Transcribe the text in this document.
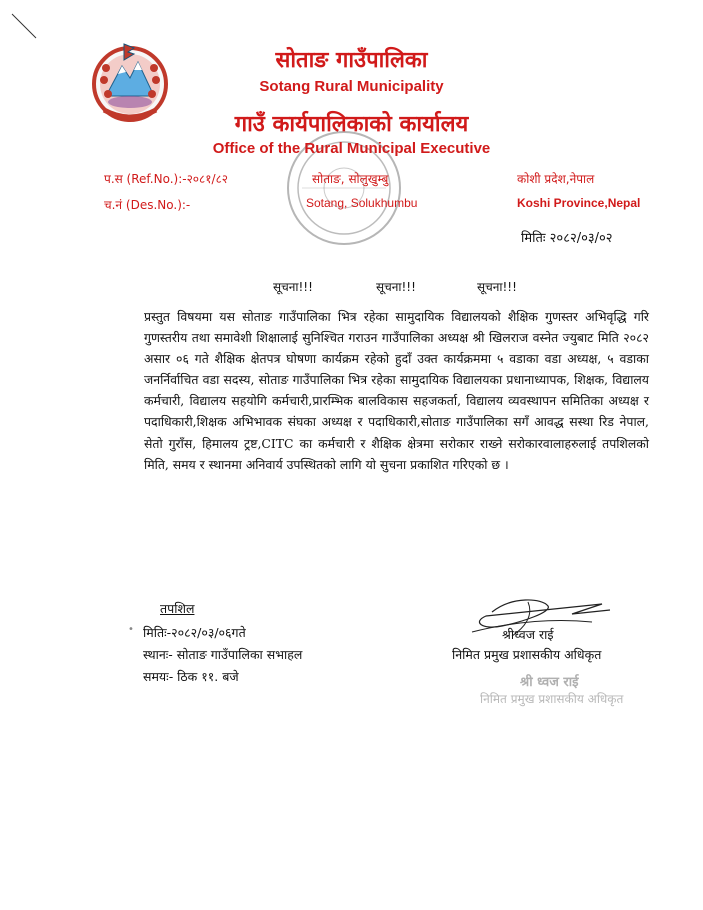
सोताङ गाउँपालिका
Sotang Rural Municipality
गाउँ कार्यपालिकाको कार्यालय
Office of the Rural Municipal Executive
प.स (Ref.No.):-२०८१/८२
च.नं (Des.No.):-
सोताङ, सोलुखुम्बु
Sotang, Solukhumbu
कोशी प्रदेश,नेपाल
Koshi Province,Nepal
मितिः २०८२/०३/०२
सूचना!!!	सूचना!!!	सूचना!!!
प्रस्तुत विषयमा यस सोताङ गाउँपालिका भित्र रहेका सामुदायिक विद्यालयको शैक्षिक गुणस्तर अभिवृद्धि गरि गुणस्तरीय तथा समावेशी शिक्षालाई सुनिश्चित गराउन गाउँपालिका अध्यक्ष श्री खिलराज वस्नेत ज्युबाट मिति २०८२ असार ०६ गते शैक्षिक क्षेतपत्र घोषणा कार्यक्रम रहेको हुदाँ उक्त कार्यक्रममा ५ वडाका वडा अध्यक्ष, ५ वडाका जनर्निर्वाचित वडा सदस्य, सोताङ गाउँपालिका भित्र रहेका सामुदायिक विद्यालयका प्रधानाध्यापक, शिक्षक, विद्यालय कर्मचारी, विद्यालय सहयोगि कर्मचारी,प्रारम्भिक बालविकास सहजकर्ता, विद्यालय व्यवस्थापन समितिका अध्यक्ष र पदाधिकारी,शिक्षक अभिभावक संघका अध्यक्ष र पदाधिकारी,सोताङ गाउँपालिका सगँ आवद्ध सस्था रिड नेपाल, सेतो गुराँस, हिमालय ट्रष्ट,CITC का कर्मचारी र शैक्षिक क्षेत्रमा सरोकार राख्ने सरोकारवालाहरुलाई तपशिलको मिति, समय र स्थानमा अनिवार्य उपस्थितको लागि यो सुचना प्रकाशित गरिएको छ ।
तपशिल
• मितिः-२०८२/०३/०६गते
स्थानः- सोताङ गाउँपालिका सभाहल
समयः- ठिक ११. बजे
श्रीध्वज राई
निमित प्रमुख प्रशासकीय अधिकृत
श्री ध्वज राई
निमित प्रमुख प्रशासकीय अधिकृत
